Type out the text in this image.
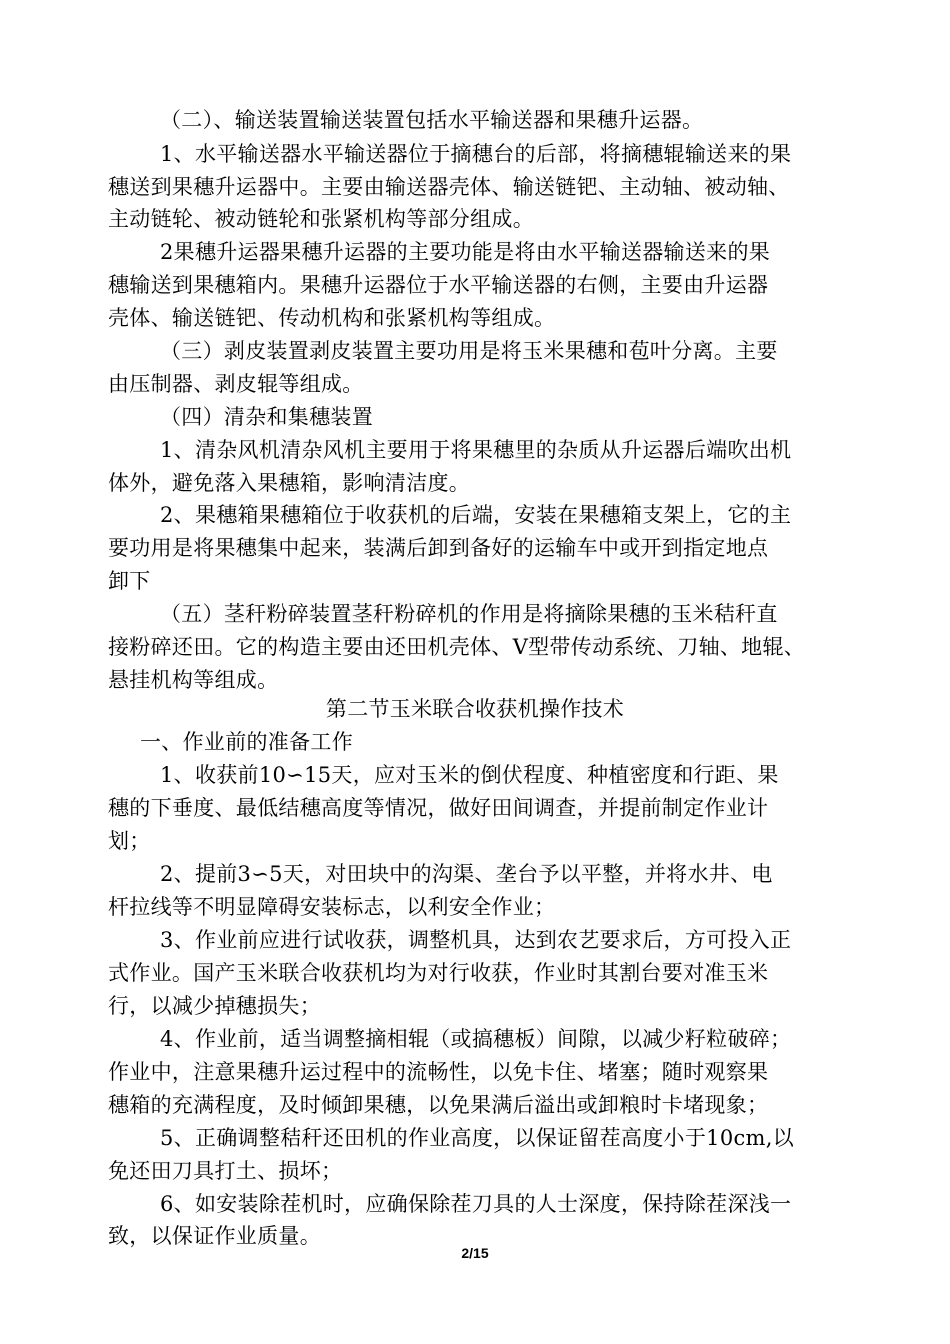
（二）、输送装置输送装置包括水平输送器和果穗升运器。
1、水平输送器水平输送器位于摘穗台的后部，将摘穗辊输送来的果
穗送到果穗升运器中。主要由输送器壳体、输送链钯、主动轴、被动轴、
主动链轮、被动链轮和张紧机构等部分组成。
2果穗升运器果穗升运器的主要功能是将由水平输送器输送来的果
穗输送到果穗箱内。果穗升运器位于水平输送器的右侧，主要由升运器
壳体、输送链钯、传动机构和张紧机构等组成。
（三）剥皮装置剥皮装置主要功用是将玉米果穗和苞叶分离。主要
由压制器、剥皮辊等组成。
（四）清杂和集穗装置
1、清杂风机清杂风机主要用于将果穗里的杂质从升运器后端吹出机
体外，避免落入果穗箱，影响清洁度。
2、果穗箱果穗箱位于收获机的后端，安装在果穗箱支架上，它的主
要功用是将果穗集中起来，装满后卸到备好的运输车中或开到指定地点
卸下
（五）茎秆粉碎装置茎秆粉碎机的作用是将摘除果穗的玉米秸秆直
接粉碎还田。它的构造主要由还田机壳体、V型带传动系统、刀轴、地辊、
悬挂机构等组成。
第二节玉米联合收获机操作技术
一、作业前的准备工作
1、收获前10∽15天，应对玉米的倒伏程度、种植密度和行距、果
穗的下垂度、最低结穗高度等情况，做好田间调查，并提前制定作业计
划；
2、提前3∽5天，对田块中的沟渠、垄台予以平整，并将水井、电
杆拉线等不明显障碍安装标志，以利安全作业；
3、作业前应进行试收获，调整机具，达到农艺要求后，方可投入正
式作业。国产玉米联合收获机均为对行收获，作业时其割台要对准玉米
行，以减少掉穗损失；
4、作业前，适当调整摘相辊（或搞穗板）间隙，以减少籽粒破碎；
作业中，注意果穗升运过程中的流畅性，以免卡住、堵塞；随时观察果
穗箱的充满程度，及时倾卸果穗，以免果满后溢出或卸粮时卡堵现象；
5、正确调整秸秆还田机的作业高度，以保证留茬高度小于10cm,以
免还田刀具打土、损坏；
2/15
6、如安装除茬机时，应确保除茬刀具的人士深度，保持除茬深浅一
致，以保证作业质量。
